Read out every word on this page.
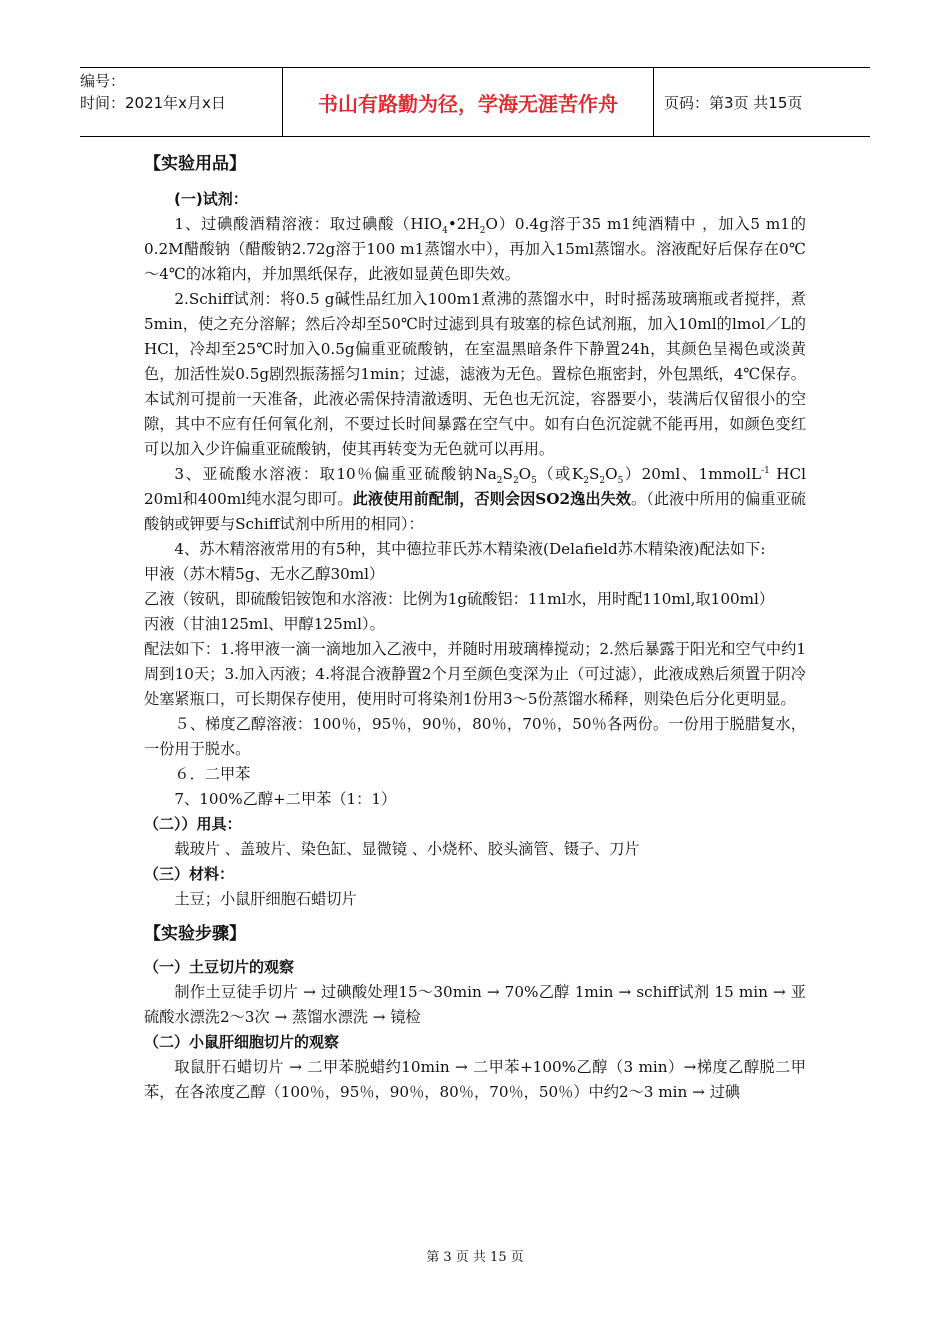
编号：
时间：2021年x月x日	书山有路勤为径，学海无涯苦作舟	页码：第3页 共15页

【实验用品】

(一)试剂：

1、过碘酸酒精溶液：取过碘酸$(HIO_4•2H_2O)0.4g$溶于35 m1纯酒精中 ，加入5 m1的0.2M醋酸钠（醋酸钠2.72g溶于100 m1蒸馏水中），再加入15ml蒸馏水。溶液配好后保存在0℃～4℃的冰箱内，并加黑纸保存，此液如显黄色即失效。

2.Schiff试剂：将0.5 g碱性品红加入100m1煮沸的蒸馏水中，时时摇荡玻璃瓶或者搅拌，煮5min，使之充分溶解；然后冷却至50℃时过滤到具有玻塞的棕色试剂瓶，加入10ml的lmol／L的HCl，冷却至25℃时加入0.5g偏重亚硫酸钠，在室温黑暗条件下静置24h，其颜色呈褐色或淡黄色，加活性炭0.5g剧烈振荡摇匀1min；过滤，滤液为无色。置棕色瓶密封，外包黑纸，4℃保存。本试剂可提前一天准备，此液必需保持清澈透明、无色也无沉淀，容器要小，装满后仅留很小的空隙，其中不应有任何氧化剂，不要过长时间暴露在空气中。如有白色沉淀就不能再用，如颜色变红可以加入少许偏重亚硫酸钠，使其再转变为无色就可以再用。

3、亚硫酸水溶液：取10％偏重亚硫酸钠$Na_2S_2O_5$（或$K_2S_2O_5)20ml$、1mmolL$^{-1}$ HCl 20ml和400ml纯水混匀即可。此液使用前配制，否则会因SO2逸出失效。（此液中所用的偏重亚硫酸钠或钾要与Schiff试剂中所用的相同）：

4、苏木精溶液常用的有5种，其中德拉菲氏苏木精染液(Delafield苏木精染液)配法如下:

甲液（苏木精5g、无水乙醇30ml）

乙液（铵矾，即硫酸铝铵饱和水溶液：比例为1g硫酸铝：11ml水，用时配110ml,取100ml）

丙液（甘油125ml、甲醇125ml）。

配法如下：1.将甲液一滴一滴地加入乙液中，并随时用玻璃棒搅动；2.然后暴露于阳光和空气中约1周到10天；3.加入丙液；4.将混合液静置2个月至颜色变深为止（可过滤），此液成熟后须置于阴冷处塞紧瓶口，可长期保存使用，使用时可将染剂1份用3～5份蒸馏水稀释，则染色后分化更明显。

５、梯度乙醇溶液：100％，95％，90％，80％，70％，50％各两份。一份用于脱腊复水，一份用于脱水。

６．二甲苯

7、100%乙醇+二甲苯（1：1）

（二））用具：

载玻片 、盖玻片、染色缸、显微镜 、小烧杯、胶头滴管、镊子、刀片

（三）材料：

土豆；小鼠肝细胞石蜡切片

【实验步骤】

（一）土豆切片的观察

制作土豆徒手切片 → 过碘酸处理15～30min → 70%乙醇 1min → schiff试剂 15 min → 亚硫酸水漂洗2～3次 → 蒸馏水漂洗 → 镜检

（二）小鼠肝细胞切片的观察

取鼠肝石蜡切片 → 二甲苯脱蜡约10min → 二甲苯+100%乙醇（3 min）→梯度乙醇脱二甲苯，在各浓度乙醇（100％，95％，90％，80％，70％，50％）中约2～3 min → 过碘

第 3 页 共 15 页
